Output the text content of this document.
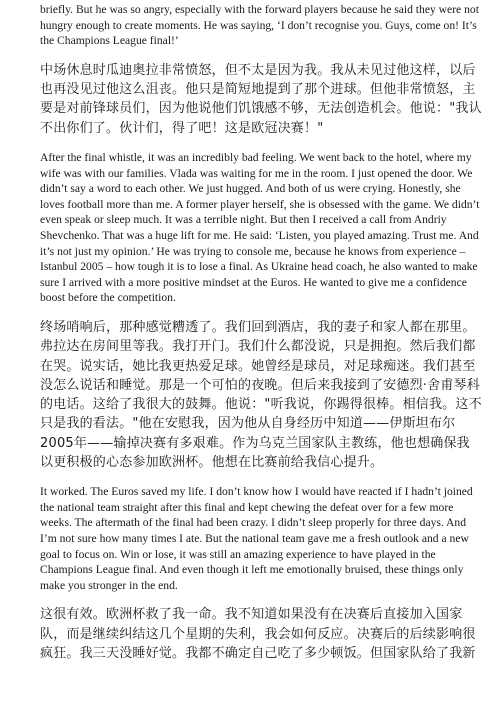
briefly. But he was so angry, especially with the forward players because he said they were not hungry enough to create moments. He was saying, ‘I don’t recognise you. Guys, come on! It’s the Champions League final!’

中场休息时瓜迪奥拉非常愤怒，但不太是因为我。我从未见过他这样，以后也再没见过他这么沮丧。他只是简短地提到了那个进球。但他非常愤怒，主要是对前锋球员们，因为他说他们饥饿感不够，无法创造机会。他说："我认不出你们了。伙计们，得了吧！这是欧冠决赛！"

After the final whistle, it was an incredibly bad feeling. We went back to the hotel, where my wife was with our families. Vlada was waiting for me in the room. I just opened the door. We didn’t say a word to each other. We just hugged. And both of us were crying. Honestly, she loves football more than me. A former player herself, she is obsessed with the game. We didn’t even speak or sleep much. It was a terrible night. But then I received a call from Andriy Shevchenko. That was a huge lift for me. He said: ‘Listen, you played amazing. Trust me. And it’s not just my opinion.’ He was trying to console me, because he knows from experience – Istanbul 2005 – how tough it is to lose a final. As Ukraine head coach, he also wanted to make sure I arrived with a more positive mindset at the Euros. He wanted to give me a confidence boost before the competition.

终场哨响后，那种感觉糟透了。我们回到酒店，我的妻子和家人都在那里。弗拉达在房间里等我。我打开门。我们什么都没说，只是拥抱。然后我们都在哭。说实话，她比我更热爱足球。她曾经是球员，对足球痴迷。我们甚至没怎么说话和睡觉。那是一个可怕的夜晚。但后来我接到了安德烈·舍甫琴科的电话。这给了我很大的鼓舞。他说："听我说，你踢得很棒。相信我。这不只是我的看法。"他在安慰我，因为他从自身经历中知道——伊斯坦布尔2005年——输掉决赛有多艰难。作为乌克兰国家队主教练，他也想确保我以更积极的心态参加欧洲杯。他想在比赛前给我信心提升。

It worked. The Euros saved my life. I don’t know how I would have reacted if I hadn’t joined the national team straight after this final and kept chewing the defeat over for a few more weeks. The aftermath of the final had been crazy. I didn’t sleep properly for three days. And I’m not sure how many times I ate. But the national team gave me a fresh outlook and a new goal to focus on. Win or lose, it was still an amazing experience to have played in the Champions League final. And even though it left me emotionally bruised, these things only make you stronger in the end.

这很有效。欧洲杯救了我一命。我不知道如果没有在决赛后直接加入国家队，而是继续纠结这几个星期的失利，我会如何反应。决赛后的后续影响很疯狂。我三天没睡好觉。我都不确定自己吃了多少顿饭。但国家队给了我新
